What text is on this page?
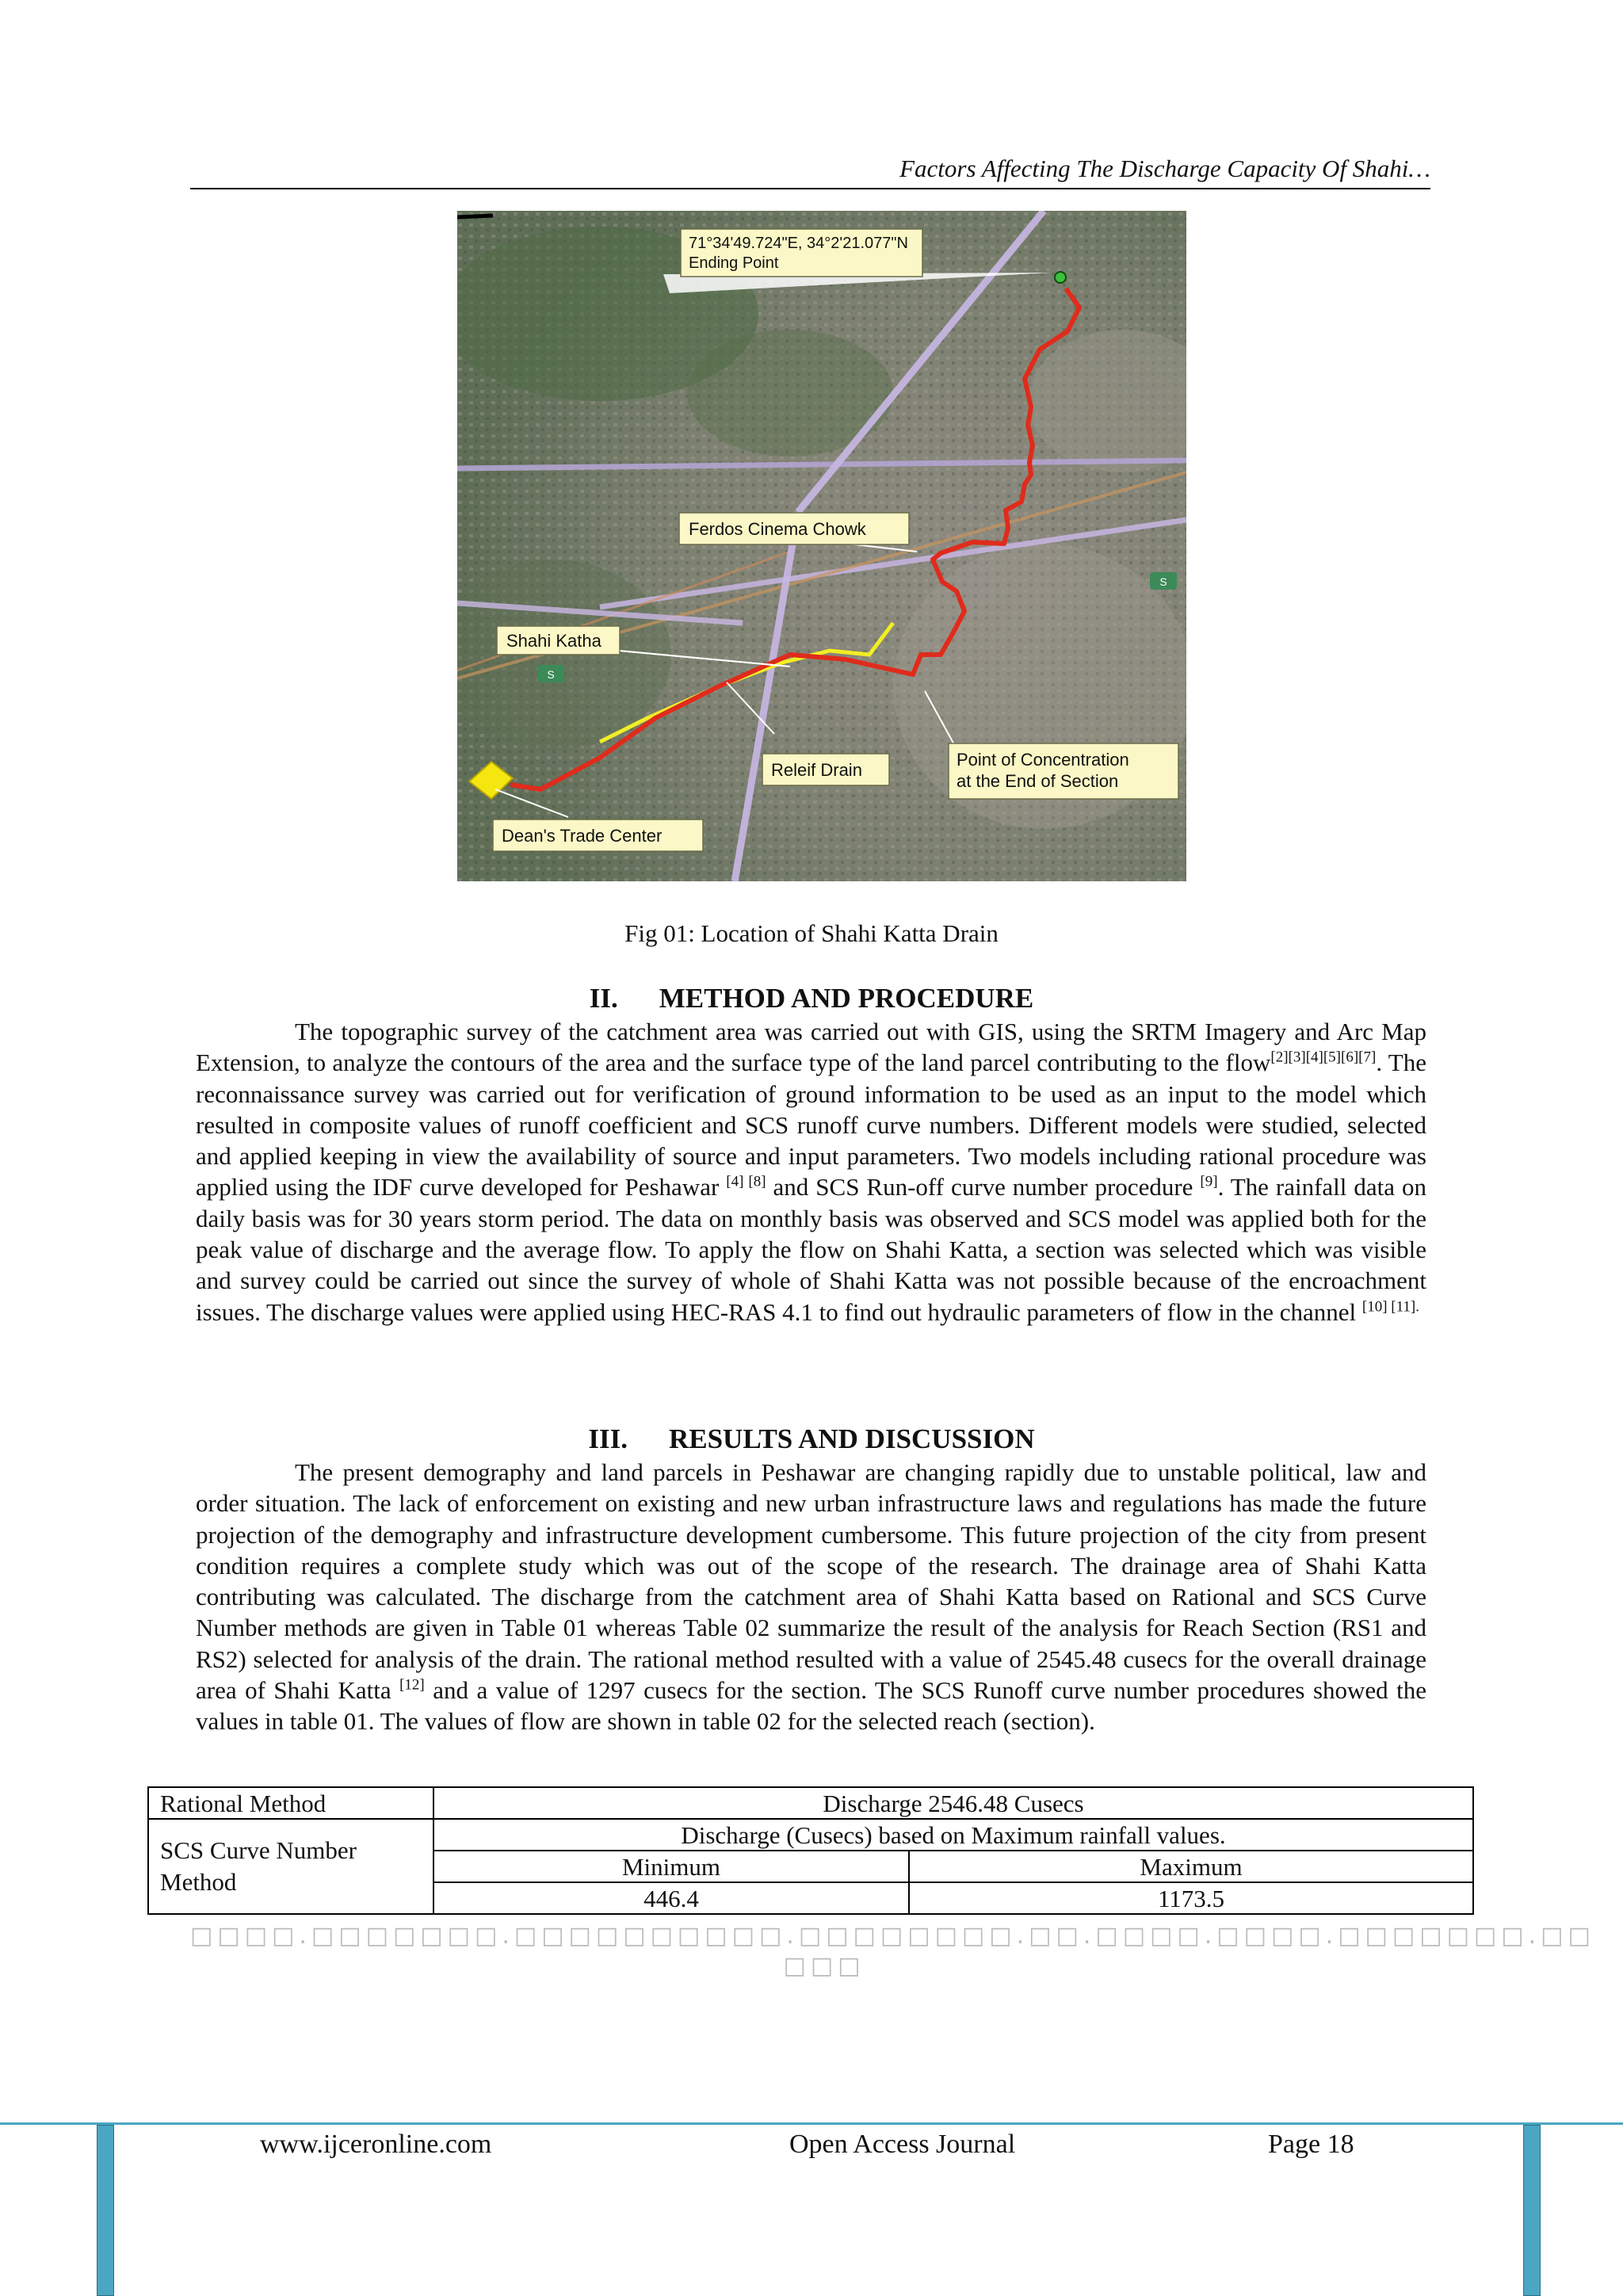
Factors Affecting The Discharge Capacity Of Shahi…
S
S
71°34'49.724"E, 34°2'21.077"N
Ending Point
Ferdos Cinema Chowk
Shahi Katha
Releif Drain
Point of Concentration
at the End of Section
Dean's Trade Center
Fig 01: Location of Shahi Katta Drain
II. METHOD AND PROCEDURE
The topographic survey of the catchment area was carried out with GIS, using the SRTM Imagery and Arc Map Extension, to analyze the contours of the area and the surface type of the land parcel contributing to the flow[2][3][4][5][6][7]. The reconnaissance survey was carried out for verification of ground information to be used as an input to the model which resulted in composite values of runoff coefficient and SCS runoff curve numbers. Different models were studied, selected and applied keeping in view the availability of source and input parameters. Two models including rational procedure was applied using the IDF curve developed for Peshawar [4] [8] and SCS Run-off curve number procedure [9]. The rainfall data on daily basis was for 30 years storm period. The data on monthly basis was observed and SCS model was applied both for the peak value of discharge and the average flow. To apply the flow on Shahi Katta, a section was selected which was visible and survey could be carried out since the survey of whole of Shahi Katta was not possible because of the encroachment issues. The discharge values were applied using HEC-RAS 4.1 to find out hydraulic parameters of flow in the channel $^{[10] [11].}$
III. RESULTS AND DISCUSSION
The present demography and land parcels in Peshawar are changing rapidly due to unstable political, law and order situation. The lack of enforcement on existing and new urban infrastructure laws and regulations has made the future projection of the demography and infrastructure development cumbersome. This future projection of the city from present condition requires a complete study which was out of the scope of the research. The drainage area of Shahi Katta contributing was calculated. The discharge from the catchment area of Shahi Katta based on Rational and SCS Curve Number methods are given in Table 01 whereas Table 02 summarize the result of the analysis for Reach Section (RS1 and RS2) selected for analysis of the drain. The rational method resulted with a value of 2545.48 cusecs for the overall drainage area of Shahi Katta [12] and a value of 1297 cusecs for the section. The SCS Runoff curve number procedures showed the values in table 01. The values of flow are shown in table 02 for the selected reach (section).
Rational Method	Discharge 2546.48 Cusecs	
SCS Curve Number Method	Discharge (Cusecs) based on Maximum rainfall values.	
	Minimum	Maximum
	446.4	1173.5
□□□□.□□□□□□□.□□□□□□□□□□.□□□□□□□□.□□.□□□□.□□□□.□□□□□□□.□□
□□□
www.ijceronline.com	Open Access Journal	Page 18
